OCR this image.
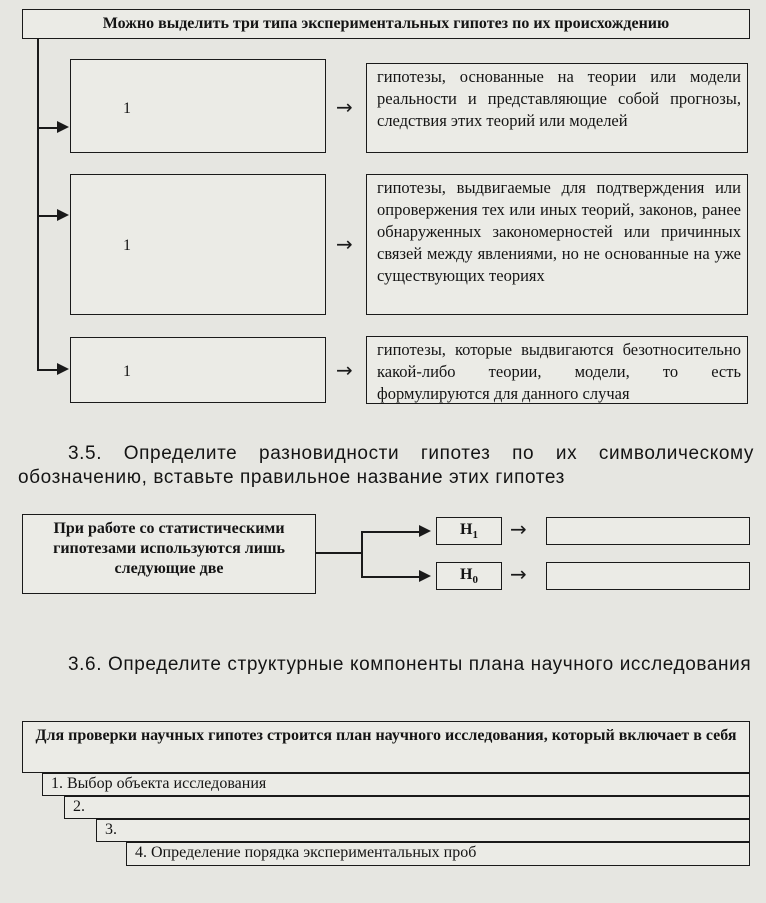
Можно выделить три типа экспериментальных гипотез по их происхождению
1	→
гипотезы, основанные на теории или модели реальности и представляющие собой прогнозы, следствия этих теорий или моделей
1	→
гипотезы, выдвигаемые для подтверждения или опровержения тех или иных теорий, законов, ранее обнаруженных закономерностей или причинных связей между явлениями, но не основанные на уже существующих теориях
1	→
гипотезы, которые выдвигаются безотносительно какой-либо теории, модели, то есть формулируются для данного случая
3.5. Определите разновидности гипотез по их символическому обозначению, вставьте правильное название этих гипотез
При работе со статистическими гипотезами используются лишь следующие две
$H_1$	→
$H_0$	→
3.6. Определите структурные компоненты плана научного исследования
Для проверки научных гипотез строится план научного исследования, который включает в себя
1. Выбор объекта исследования
2.
3.
4. Определение порядка экспериментальных проб
